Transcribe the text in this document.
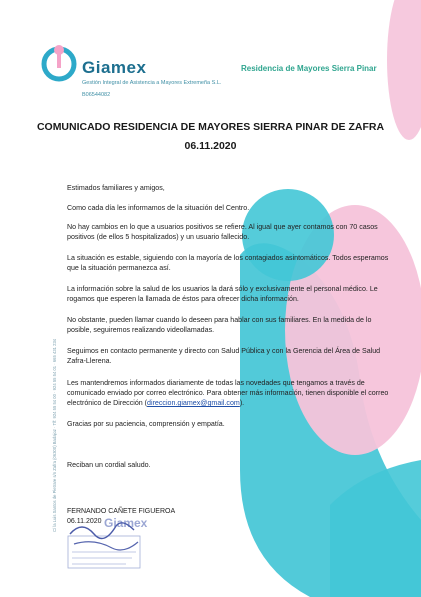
Giamex
Gestión Integral de Asistencia a Mayores Extremeña S.L.
B06544082
Residencia de Mayores Sierra Pinar
COMUNICADO RESIDENCIA DE MAYORES SIERRA PINAR DE ZAFRA
06.11.2020
Estimados familiares y amigos,
Como cada día les informamos de la situación del Centro.
No hay cambios en lo que a usuarios positivos se refiere. Al igual que ayer contamos con 70 casos positivos (de ellos 5 hospitalizados) y un usuario fallecido.
La situación es estable, siguiendo con la mayoría de los contagiados asintomáticos. Todos esperamos que la situación permanezca así.
La información sobre la salud de los usuarios la dará sólo y exclusivamente el personal médico. Le rogamos que esperen la llamada de éstos para ofrecer dicha información.
No obstante, pueden llamar cuando lo deseen para hablar con sus familiares. En la medida de lo posible, seguiremos realizando videollamadas.
Seguimos en contacto permanente y directo con Salud Pública y con la Gerencia del Área de Salud Zafra-Llerena.
Les mantendremos informados diariamente de todas las novedades que tengamos a través de comunicado enviado por correo electrónico. Para obtener más información, tienen disponible el correo electrónico de Dirección (direccion.giamex@gmail.com).
Gracias por su paciencia, comprensión y empatía.
Reciban un cordial saludo.
FERNANDO CAÑETE FIGUEROA
06.11.2020 Giamex
C/ la Luis Santos de Pietrare s/n Zafra (06300) Badajoz · Tlf: 924 55 54 00 · 924 55 54 01 · 665 431 234
